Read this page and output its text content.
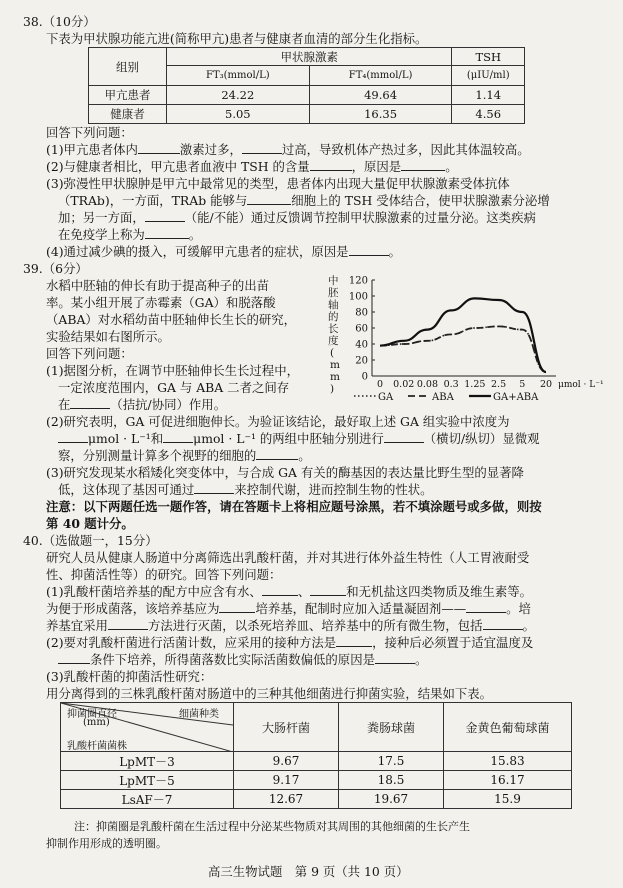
38.（10分）
下表为甲状腺功能亢进(简称甲亢)患者与健康者血清的部分生化指标。
组别	甲状腺激素		TSH
	FT₃(mmol/L)	FT₄(mmol/L)	(μIU/ml)
甲亢患者	24.22	49.64	1.14
健康者	5.05	16.35	4.56
回答下列问题：
(1)甲亢患者体内	激素过多，	过高，导致机体产热过多，因此其体温较高。
(2)与健康者相比，甲亢患者血液中 TSH 的含量	，原因是	。
(3)弥漫性甲状腺肿是甲亢中最常见的类型，患者体内出现大量促甲状腺激素受体抗体
（TRAb)，一方面，TRAb 能够与	细胞上的 TSH 受体结合，使甲状腺激素分泌增
加；另一方面，	（能/不能）通过反馈调节控制甲状腺激素的过量分泌。这类疾病
在免疫学上称为	。
(4)通过减少碘的摄入，可缓解甲亢患者的症状，原因是	。
39.（6分）
水稻中胚轴的伸长有助于提高种子的出苗
率。某小组开展了赤霉素（GA）和脱落酸
（ABA）对水稻幼苗中胚轴伸长生长的研究，
实验结果如右图所示。
回答下列问题：
(1)据图分析，在调节中胚轴伸长生长过程中，
一定浓度范围内，GA 与 ABA 二者之间存
在	（拮抗/协同）作用。
中胚轴的长度( m m )
0
20
40
60
80
100
120
0 0.02 0.08 0.3 1.25 2.5 5 20 μmol · L⁻¹
GA	ABA	GA+ABA
(2)研究表明，GA 可促进细胞伸长。为验证该结论，最好取上述 GA 组实验中浓度为
μmol · L⁻¹和 μmol · L⁻¹ 的两组中胚轴分别进行	（横切/纵切）显微观
察，分别测量计算多个视野的细胞的	。
(3)研究发现某水稻矮化突变体中，与合成 GA 有关的酶基因的表达量比野生型的显著降
低，这体现了基因可通过	来控制代谢，进而控制生物的性状。
注意：以下两题任选一题作答，请在答题卡上将相应题号涂黑，若不填涂题号或多做，则按
第 40 题计分。
40.（选做题一，15分）
研究人员从健康人肠道中分离筛选出乳酸杆菌，并对其进行体外益生特性（人工胃液耐受
性、抑菌活性等）的研究。回答下列问题：
(1)乳酸杆菌培养基的配方中应含有水、	、	和无机盐这四类物质及维生素等。
为便于形成菌落，该培养基应为	培养基，配制时应加入适量凝固剂——	。培
养基宜采用	方法进行灭菌，以杀死培养皿、培养基中的所有微生物，包括	。
(2)要对乳酸杆菌进行活菌计数，应采用的接种方法是	，接种后必须置于适宜温度及
条件下培养，所得菌落数比实际活菌数偏低的原因是	。
(3)乳酸杆菌的抑菌活性研究：
用分离得到的三株乳酸杆菌对肠道中的三种其他细菌进行抑菌实验，结果如下表。
抑菌圈直径 细菌种类
(mm)
乳酸杆菌菌株	大肠杆菌	粪肠球菌	金黄色葡萄球菌
LpMT－3	9.67	17.5	15.83
LpMT－5	9.17	18.5	16.17
LsAF－7	12.67	19.67	15.9
注：抑菌圈是乳酸杆菌在生活过程中分泌某些物质对其周围的其他细菌的生长产生
抑制作用形成的透明圈。
高三生物试题　第 9 页（共 10 页）
